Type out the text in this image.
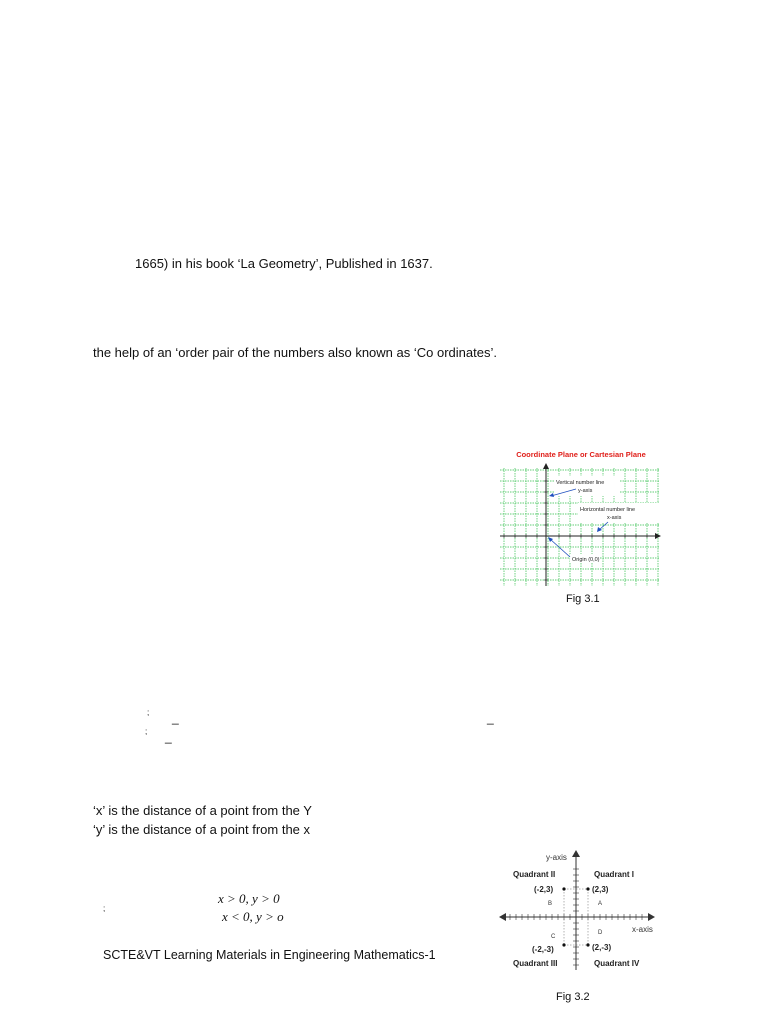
1665) in his book ‘La Geometry’, Published in 1637.
the help of an ‘order pair of the numbers also known as ‘Co ordinates’.
; _	_
; _
‘x’ is the distance of a point from the Y
‘y’ is the distance of a point from the x
;
x > 0, y > 0
x < 0, y > o
SCTE&VT Learning Materials in Engineering Mathematics-1
Coordinate Plane or Cartesian Plane
Vertical number line
y-axis
Horizontal number line
x-axis
Origin (0,0)
Fig 3.1
y-axis
x-axis
Quadrant I
Quadrant II
Quadrant III	Quadrant IV
(2,3)
(-2,3)
(-2,-3)	(2,-3)
A
B
C
D
Fig 3.2
